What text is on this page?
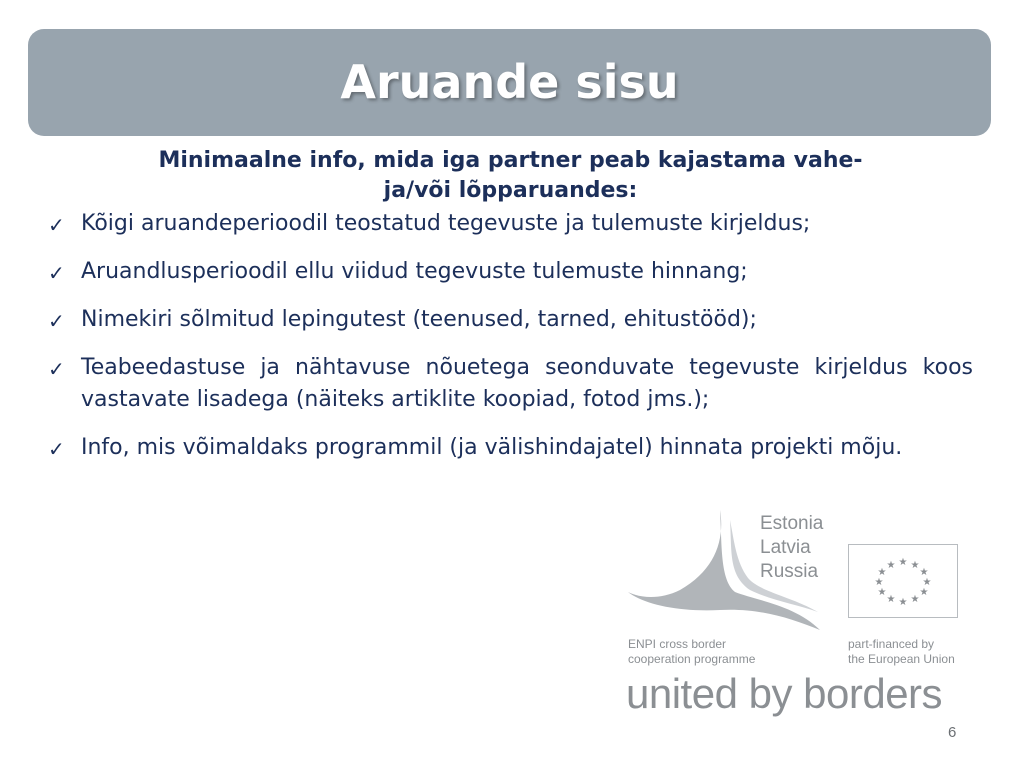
Aruande sisu
Estonia
Latvia
Russia	★ ★
★
★
★
★
★
★
★
★
★
★
ENPI cross border
cooperation programme
part-financed by
the European Union
united by borders
Minimaalne info, mida iga partner peab kajastama vahe-
ja/või lõpparuandes:
✓ Kõigi aruandeperioodil teostatud tegevuste ja tulemuste kirjeldus;
✓ Aruandlusperioodil ellu viidud tegevuste tulemuste hinnang;
✓ Nimekiri sõlmitud lepingutest (teenused, tarned, ehitustööd);
✓ Teabeedastuse ja nähtavuse nõuetega seonduvate tegevuste kirjeldus koos vastavate lisadega (näiteks artiklite koopiad, fotod jms.);
✓ Info, mis võimaldaks programmil (ja välishindajatel) hinnata projekti mõju.
6
